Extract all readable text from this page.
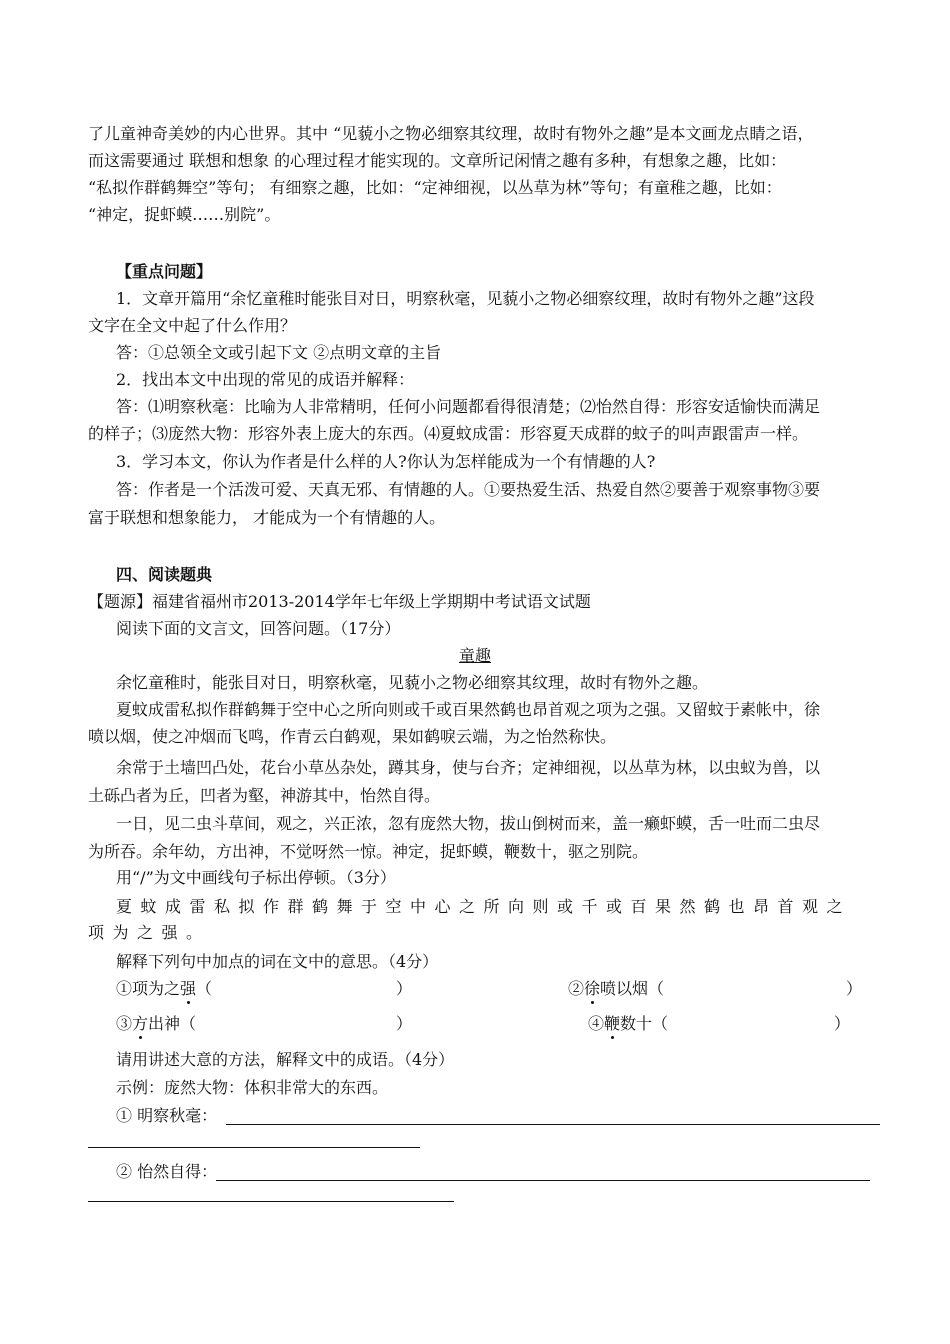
了儿童神奇美妙的内心世界。其中 “见藐小之物必细察其纹理，故时有物外之趣”是本文画龙点睛之语，
而这需要通过 联想和想象 的心理过程才能实现的。文章所记闲情之趣有多种，有想象之趣，比如：
“私拟作群鹤舞空”等句； 有细察之趣，比如：“定神细视，以丛草为林”等句；有童稚之趣，比如：
“神定，捉虾蟆……别院”。
【重点问题】
1．文章开篇用“余忆童稚时能张目对日，明察秋毫，见藐小之物必细察纹理，故时有物外之趣”这段
文字在全文中起了什么作用？
答：①总领全文或引起下文 ②点明文章的主旨
2．找出本文中出现的常见的成语并解释：
答：⑴明察秋毫：比喻为人非常精明，任何小问题都看得很清楚；⑵怡然自得：形容安适愉快而满足
的样子；⑶庞然大物：形容外表上庞大的东西。⑷夏蚊成雷：形容夏天成群的蚊子的叫声跟雷声一样。
3．学习本文，你认为作者是什么样的人?你认为怎样能成为一个有情趣的人?
答：作者是一个活泼可爱、天真无邪、有情趣的人。①要热爱生活、热爱自然②要善于观察事物③要
富于联想和想象能力， 才能成为一个有情趣的人。
四、阅读题典
【题源】福建省福州市2013-2014学年七年级上学期期中考试语文试题
阅读下面的文言文，回答问题。（17分）
童趣
余忆童稚时，能张目对日，明察秋毫，见藐小之物必细察其纹理，故时有物外之趣。
夏蚊成雷私拟作群鹤舞于空中心之所向则或千或百果然鹤也昂首观之项为之强。又留蚊于素帐中，徐
喷以烟，使之冲烟而飞鸣，作青云白鹤观，果如鹤唳云端，为之怡然称快。
余常于土墙凹凸处，花台小草丛杂处，蹲其身，使与台齐；定神细视，以丛草为林，以虫蚁为兽，以
土砾凸者为丘，凹者为壑，神游其中，怡然自得。
一日，见二虫斗草间，观之，兴正浓，忽有庞然大物，拔山倒树而来，盖一癞虾蟆，舌一吐而二虫尽
为所吞。余年幼，方出神，不觉呀然一惊。神定，捉虾蟆，鞭数十，驱之别院。
用“/”为文中画线句子标出停顿。（3分）
夏蚊成雷私拟作群鹤舞于空中心之所向则或千或百果然鹤也昂首观之
项为之强。
解释下列句中加点的词在文中的意思。（4分）
①项为之强（	）	②徐喷以烟（	）
③方出神（	）	④鞭数十（	）
请用讲述大意的方法，解释文中的成语。（4分）
示例：庞然大物：体积非常大的东西。
① 明察秋毫：
② 怡然自得：
